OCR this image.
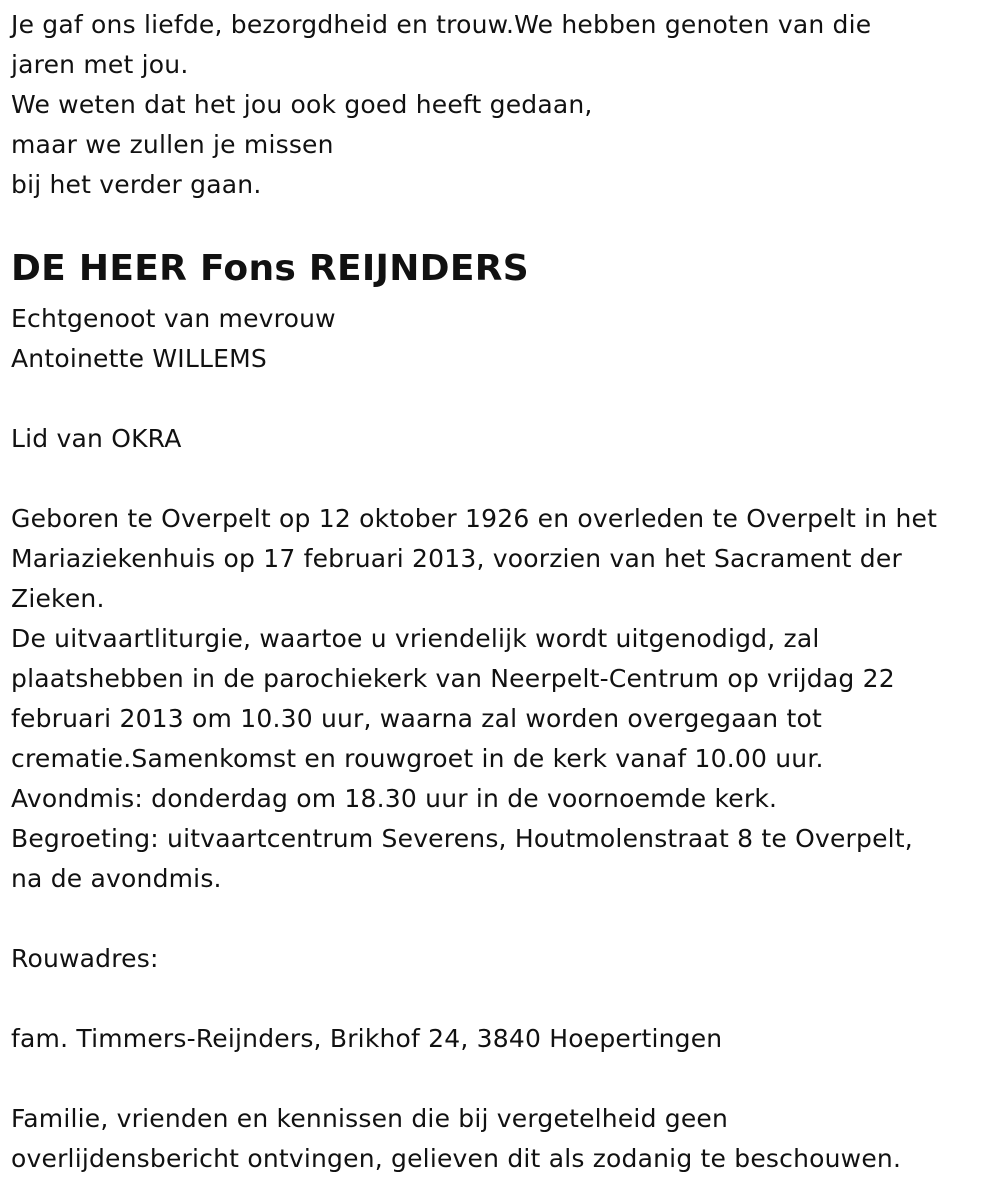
Je gaf ons liefde, bezorgdheid en trouw.We hebben genoten van die
jaren met jou.
We weten dat het jou ook goed heeft gedaan,
maar we zullen je missen
bij het verder gaan.
DE HEER Fons REIJNDERS
Echtgenoot van mevrouw
Antoinette WILLEMS
Lid van OKRA
Geboren te Overpelt op 12 oktober 1926 en overleden te Overpelt in het
Mariaziekenhuis op 17 februari 2013, voorzien van het Sacrament der
Zieken.
De uitvaartliturgie, waartoe u vriendelijk wordt uitgenodigd, zal
plaatshebben in de parochiekerk van Neerpelt-Centrum op vrijdag 22
februari 2013 om 10.30 uur, waarna zal worden overgegaan tot
crematie.Samenkomst en rouwgroet in de kerk vanaf 10.00 uur.
Avondmis: donderdag om 18.30 uur in de voornoemde kerk.
Begroeting: uitvaartcentrum Severens, Houtmolenstraat 8 te Overpelt,
na de avondmis.
Rouwadres:
fam. Timmers-Reijnders, Brikhof 24, 3840 Hoepertingen
Familie, vrienden en kennissen die bij vergetelheid geen
overlijdensbericht ontvingen, gelieven dit als zodanig te beschouwen.
